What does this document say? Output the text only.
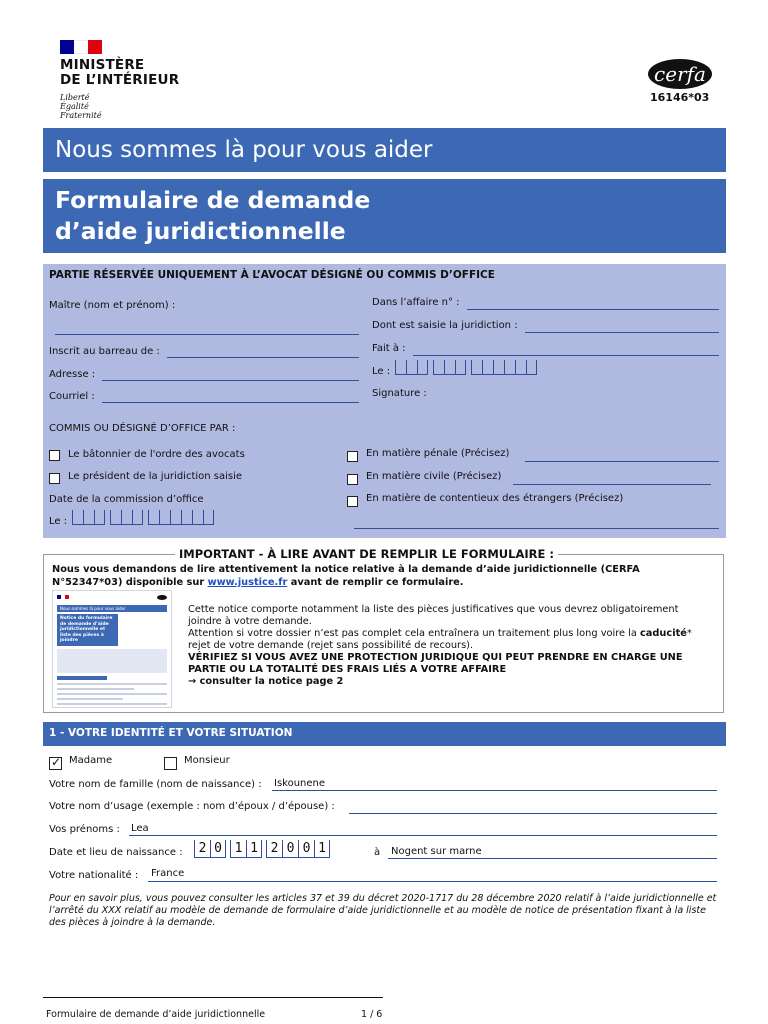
MINISTÈRE
DE L’INTÉRIEUR
Liberté
Égalité
Fraternité
cerfa
16146*03
Nous sommes là pour vous aider
Formulaire de demande
d’aide juridictionnelle
PARTIE RÉSERVÉE UNIQUEMENT À L’AVOCAT DÉSIGNÉ OU COMMIS D’OFFICE
Maître (nom et prénom) :
Inscrit au barreau de :
Adresse :
Courriel :
Dans l’affaire n° :
Dont est saisie la juridiction :
Fait à :
Le :
Signature :
COMMIS OU DÉSIGNÉ D’OFFICE PAR :
Le bâtonnier de l'ordre des avocats
Le président de la juridiction saisie
Date de la commission d’office
Le :
En matière pénale (Précisez)
En matière civile (Précisez)
En matière de contentieux des étrangers (Précisez)
IMPORTANT - À LIRE AVANT DE REMPLIR LE FORMULAIRE :
Nous vous demandons de lire attentivement la notice relative à la demande d’aide juridictionnelle (CERFA N°52347*03) disponible sur www.justice.fr avant de remplir ce formulaire.
Nous sommes là pour vous aider
Notice du formulaire de demande d’aide juridictionnelle et liste des pièces à joindre
Cette notice comporte notamment la liste des pièces justificatives que vous devrez obligatoirement joindre à votre demande.
Attention si votre dossier n’est pas complet cela entraînera un traitement plus long voire la caducité* rejet de votre demande (rejet sans possibilité de recours).
VÉRIFIEZ SI VOUS AVEZ UNE PROTECTION JURIDIQUE QUI PEUT PRENDRE EN CHARGE UNE PARTIE OU LA TOTALITÉ DES FRAIS LIÉS A VOTRE AFFAIRE
→ consulter la notice page 2
1 - VOTRE IDENTITÉ ET VOTRE SITUATION
✓ Madame	Monsieur
Votre nom de famille (nom de naissance) : Iskounene
Votre nom d’usage (exemple : nom d’époux / d’épouse) :
Vos prénoms : Lea
Date et lieu de naissance :	2 0 1 1 2 0 0 1	à Nogent sur marne
Votre nationalité : France
Pour en savoir plus, vous pouvez consulter les articles 37 et 39 du décret 2020-1717 du 28 décembre 2020 relatif à l’aide juridictionnelle et l’arrêté du XXX relatif au modèle de demande de formulaire d’aide juridictionnelle et au modèle de notice de présentation fixant à la liste des pièces à joindre à la demande.
Formulaire de demande d’aide juridictionnelle	1 / 6
